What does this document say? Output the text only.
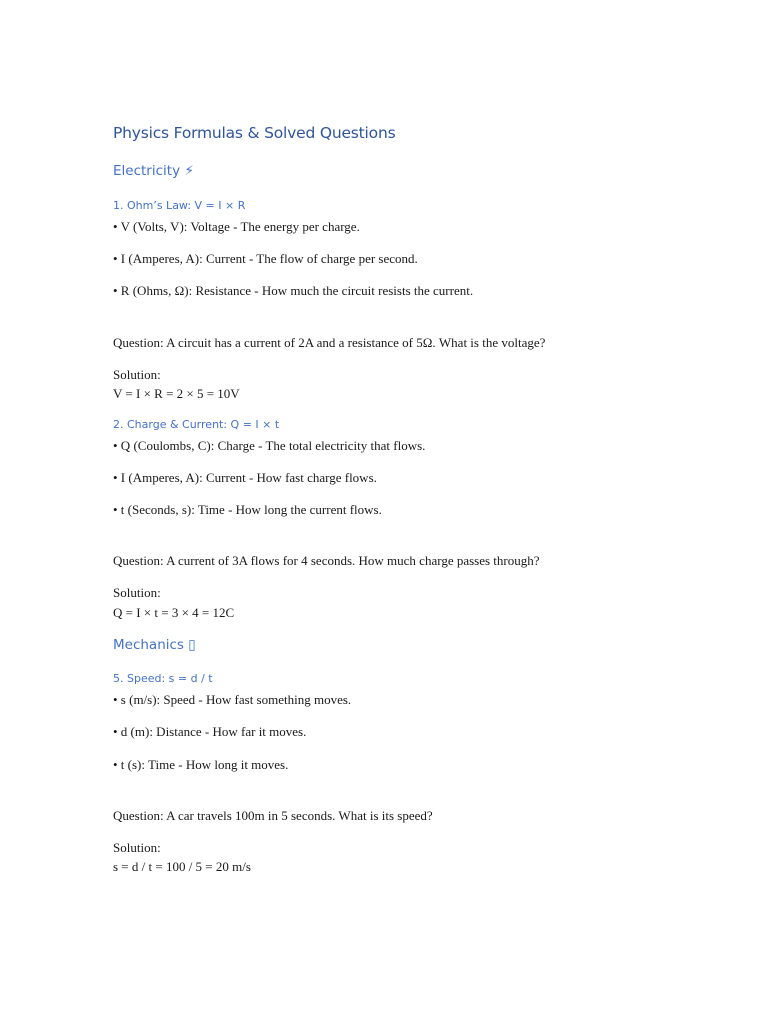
Physics Formulas & Solved Questions
Electricity ⚡
1. Ohm’s Law: V = I × R
• V (Volts, V): Voltage - The energy per charge.
• I (Amperes, A): Current - The flow of charge per second.
• R (Ohms, Ω): Resistance - How much the circuit resists the current.
Question: A circuit has a current of 2A and a resistance of 5Ω. What is the voltage?
Solution:
V = I × R = 2 × 5 = 10V
2. Charge & Current: Q = I × t
• Q (Coulombs, C): Charge - The total electricity that flows.
• I (Amperes, A): Current - How fast charge flows.
• t (Seconds, s): Time - How long the current flows.
Question: A current of 3A flows for 4 seconds. How much charge passes through?
Solution:
Q = I × t = 3 × 4 = 12C
Mechanics ▯
5. Speed: s = d / t
• s (m/s): Speed - How fast something moves.
• d (m): Distance - How far it moves.
• t (s): Time - How long it moves.
Question: A car travels 100m in 5 seconds. What is its speed?
Solution:
s = d / t = 100 / 5 = 20 m/s
